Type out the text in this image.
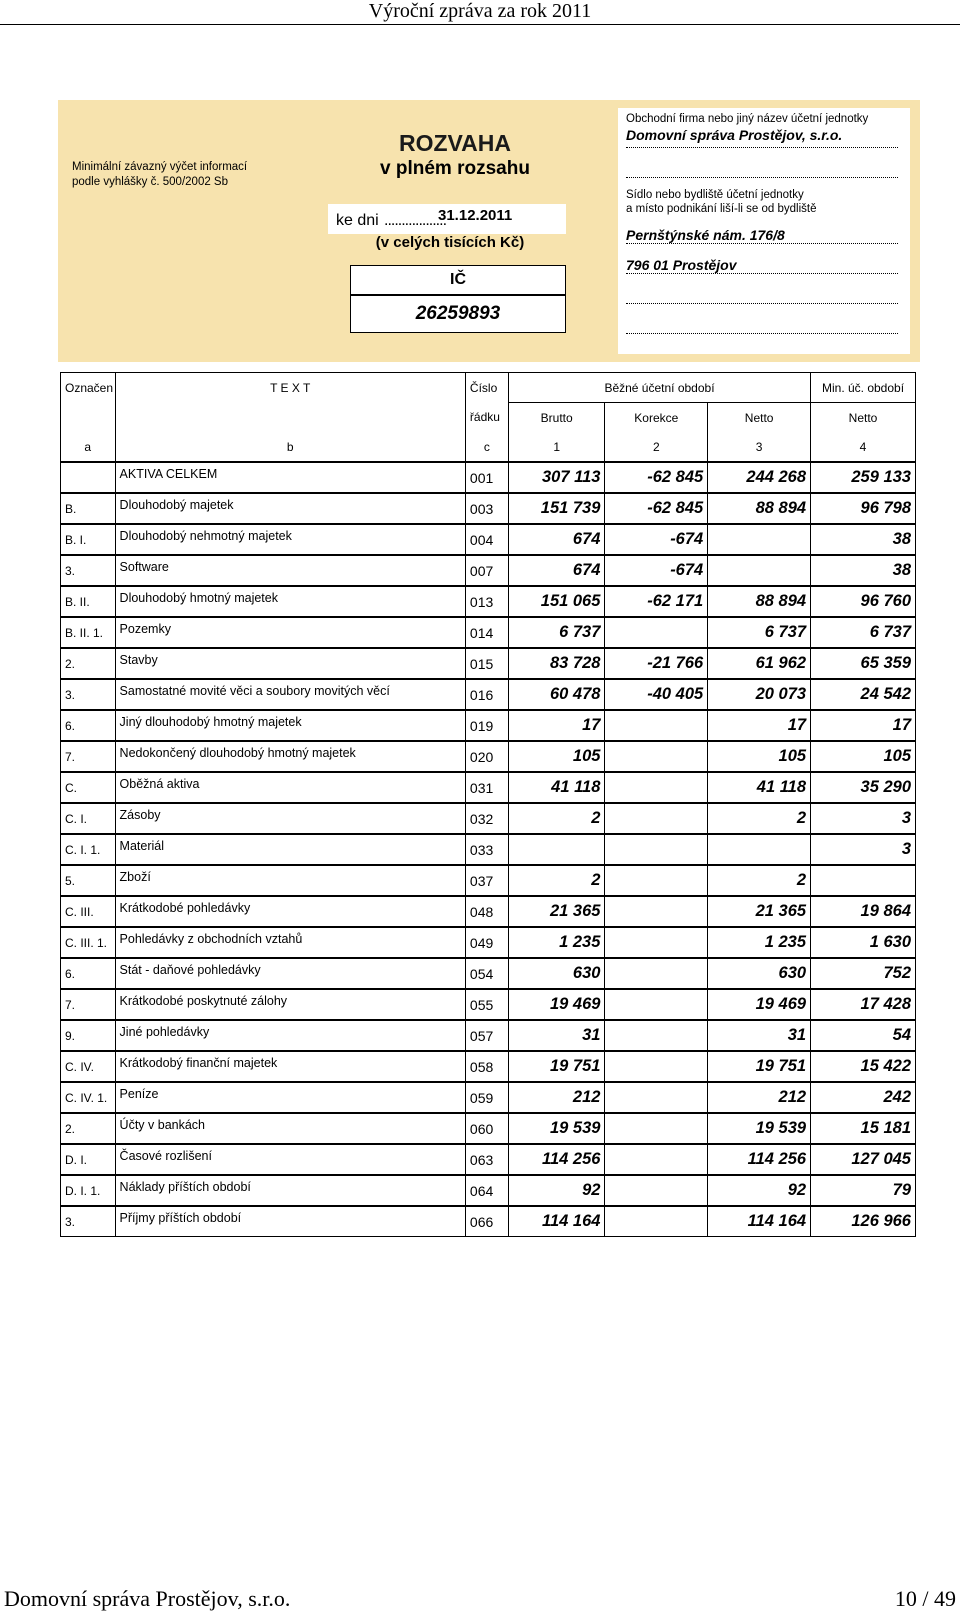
Výroční zpráva za rok 2011
Minimální závazný výčet informací
podle vyhlášky č. 500/2002 Sb
ROZVAHA
v plném rozsahu
ke dni ..................
31.12.2011
(v celých tisících Kč)
IČ
26259893
Obchodní firma nebo jiný název účetní jednotky
Domovní správa Prostějov, s.r.o.
Sídlo nebo bydliště účetní jednotky
a místo podnikání liší-li se od bydliště
Pernštýnské nám. 176/8
796 01 Prostějov
Označen	T E X T	Číslo	Běžné účetní období			Min. úč. období
		řádku	Brutto	Korekce	Netto	Netto
a	b	c	1	2	3	4
	AKTIVA CELKEM	001	307 113	-62 845	244 268	259 133
B.	Dlouhodobý majetek	003	151 739	-62 845	88 894	96 798
B. I.	Dlouhodobý nehmotný majetek	004	674	-674		38
3.	Software	007	674	-674		38
B. II.	Dlouhodobý hmotný majetek	013	151 065	-62 171	88 894	96 760
B. II. 1.	Pozemky	014	6 737		6 737	6 737
2.	Stavby	015	83 728	-21 766	61 962	65 359
3.	Samostatné movité věci a soubory movitých věcí	016	60 478	-40 405	20 073	24 542
6.	Jiný dlouhodobý hmotný majetek	019	17		17	17
7.	Nedokončený dlouhodobý hmotný majetek	020	105		105	105
C.	Oběžná aktiva	031	41 118		41 118	35 290
C. I.	Zásoby	032	2		2	3
C. I. 1.	Materiál	033				3
5.	Zboží	037	2		2	
C. III.	Krátkodobé pohledávky	048	21 365		21 365	19 864
C. III. 1.	Pohledávky z obchodních vztahů	049	1 235		1 235	1 630
6.	Stát - daňové pohledávky	054	630		630	752
7.	Krátkodobé poskytnuté zálohy	055	19 469		19 469	17 428
9.	Jiné pohledávky	057	31		31	54
C. IV.	Krátkodobý finanční majetek	058	19 751		19 751	15 422
C. IV. 1.	Peníze	059	212		212	242
2.	Účty v bankách	060	19 539		19 539	15 181
D. I.	Časové rozlišení	063	114 256		114 256	127 045
D. I. 1.	Náklady příštích období	064	92		92	79
3.	Příjmy příštích období	066	114 164		114 164	126 966
Domovní správa Prostějov, s.r.o.	10 / 49
